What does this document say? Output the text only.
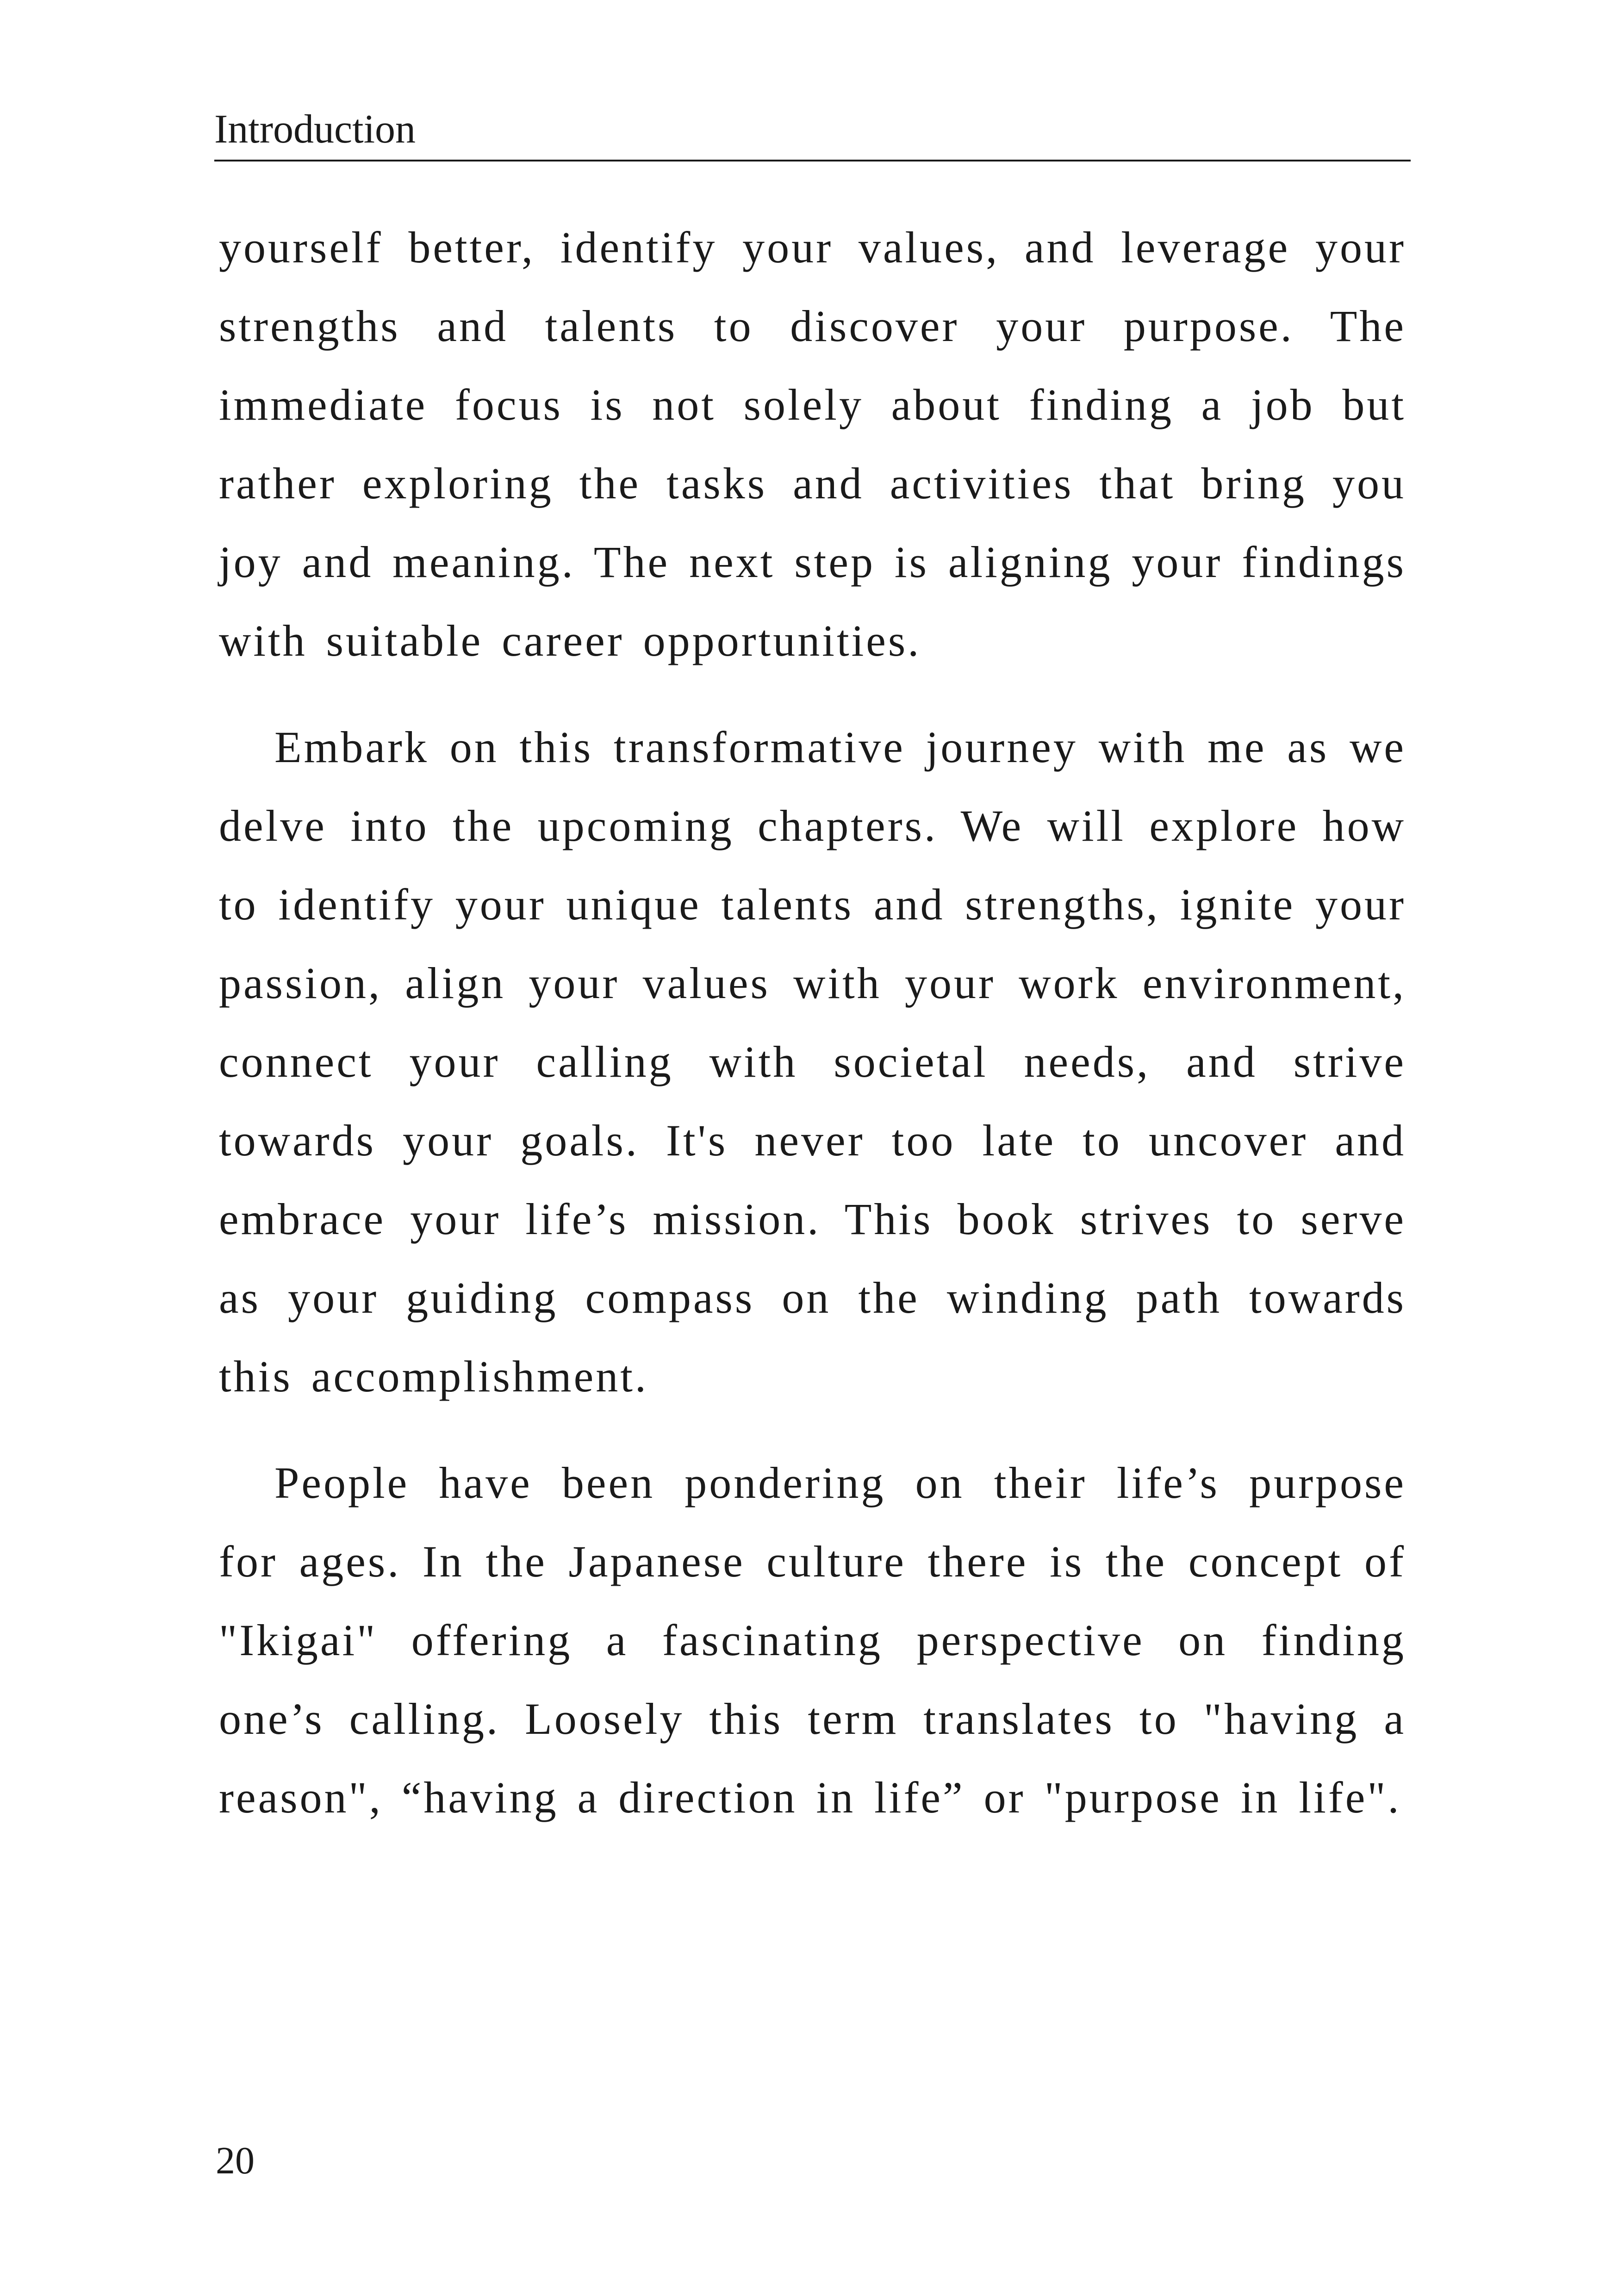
Introduction

yourself better, identify your values, and leverage your strengths and talents to discover your purpose. The immediate focus is not solely about finding a job but rather exploring the tasks and activities that bring you joy and meaning. The next step is aligning your findings with suitable career opportunities.

Embark on this transformative journey with me as we delve into the upcoming chapters. We will explore how to identify your unique talents and strengths, ignite your passion, align your values with your work environment, connect your calling with societal needs, and strive towards your goals. It's never too late to uncover and embrace your life’s mission. This book strives to serve as your guiding compass on the winding path towards this accomplishment.

People have been pondering on their life’s purpose for ages. In the Japanese culture there is the concept of "Ikigai" offering a fascinating perspective on finding one’s calling. Loosely this term translates to "having a reason", “having a direction in life” or "purpose in life".

20
